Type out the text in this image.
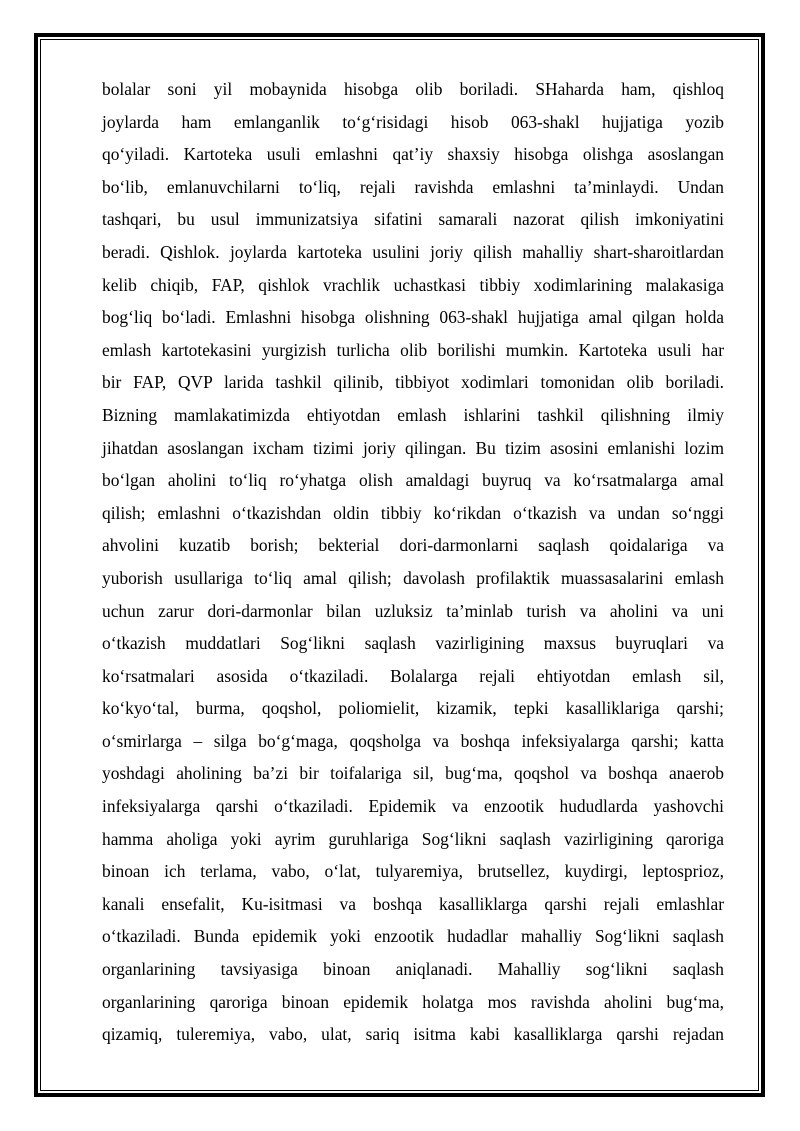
bolalar soni yil mobaynida hisobga olib boriladi. SHaharda ham, qishloq
joylarda ham emlanganlik to‘g‘risidagi hisob 063-shakl hujjatiga yozib
qo‘yiladi. Kartoteka usuli emlashni qat’iy shaxsiy hisobga olishga asoslangan
bo‘lib, emlanuvchilarni to‘liq, rejali ravishda emlashni ta’minlaydi. Undan
tashqari, bu usul immunizatsiya sifatini samarali nazorat qilish imkoniyatini
beradi. Qishlok. joylarda kartoteka usulini joriy qilish mahalliy shart-sharoitlardan
kelib chiqib, FAP, qishlok vrachlik uchastkasi tibbiy xodimlarining malakasiga
bog‘liq bo‘ladi. Emlashni hisobga olishning 063-shakl hujjatiga amal qilgan holda
emlash kartotekasini yurgizish turlicha olib borilishi mumkin. Kartoteka usuli har
bir FAP, QVP larida tashkil qilinib, tibbiyot xodimlari tomonidan olib boriladi.
Bizning mamlakatimizda ehtiyotdan emlash ishlarini tashkil qilishning ilmiy
jihatdan asoslangan ixcham tizimi joriy qilingan. Bu tizim asosini emlanishi lozim
bo‘lgan aholini to‘liq ro‘yhatga olish amaldagi buyruq va ko‘rsatmalarga amal
qilish; emlashni o‘tkazishdan oldin tibbiy ko‘rikdan o‘tkazish va undan so‘nggi
ahvolini kuzatib borish; bekterial dori-darmonlarni saqlash qoidalariga va
yuborish usullariga to‘liq amal qilish; davolash profilaktik muassasalarini emlash
uchun zarur dori-darmonlar bilan uzluksiz ta’minlab turish va aholini va uni
o‘tkazish muddatlari Sog‘likni saqlash vazirligining maxsus buyruqlari va
ko‘rsatmalari asosida o‘tkaziladi. Bolalarga rejali ehtiyotdan emlash sil,
ko‘kyo‘tal, burma, qoqshol, poliomielit, kizamik, tepki kasalliklariga qarshi;
o‘smirlarga – silga bo‘g‘maga, qoqsholga va boshqa infeksiyalarga qarshi; katta
yoshdagi aholining ba’zi bir toifalariga sil, bug‘ma, qoqshol va boshqa anaerob
infeksiyalarga qarshi o‘tkaziladi. Epidemik va enzootik hududlarda yashovchi
hamma aholiga yoki ayrim guruhlariga Sog‘likni saqlash vazirligining qaroriga
binoan ich terlama, vabo, o‘lat, tulyaremiya, brutsellez, kuydirgi, leptosprioz,
kanali ensefalit, Ku-isitmasi va boshqa kasalliklarga qarshi rejali emlashlar
o‘tkaziladi. Bunda epidemik yoki enzootik hudadlar mahalliy Sog‘likni saqlash
organlarining tavsiyasiga binoan aniqlanadi. Mahalliy sog‘likni saqlash
organlarining qaroriga binoan epidemik holatga mos ravishda aholini bug‘ma,
qizamiq, tuleremiya, vabo, ulat, sariq isitma kabi kasalliklarga qarshi rejadan
